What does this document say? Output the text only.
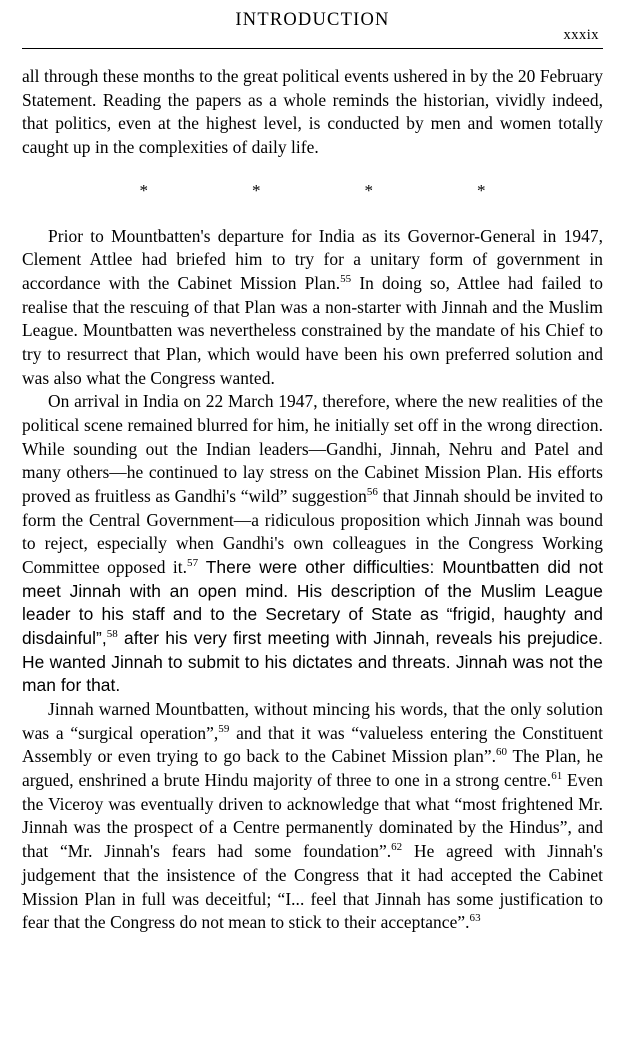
INTRODUCTION
xxxix

all through these months to the great political events ushered in by the 20 February Statement. Reading the papers as a whole reminds the historian, vividly indeed, that politics, even at the highest level, is conducted by men and women totally caught up in the complexities of daily life.

*	*	*	*

Prior to Mountbatten's departure for India as its Governor-General in 1947, Clement Attlee had briefed him to try for a unitary form of government in accordance with the Cabinet Mission Plan.$^{55}$ In doing so, Attlee had failed to realise that the rescuing of that Plan was a non-starter with Jinnah and the Muslim League. Mountbatten was nevertheless constrained by the mandate of his Chief to try to resurrect that Plan, which would have been his own preferred solution and was also what the Congress wanted.

On arrival in India on 22 March 1947, therefore, where the new realities of the political scene remained blurred for him, he initially set off in the wrong direction. While sounding out the Indian leaders—Gandhi, Jinnah, Nehru and Patel and many others—he continued to lay stress on the Cabinet Mission Plan. His efforts proved as fruitless as Gandhi's “wild” suggestion$^{56}$ that Jinnah should be invited to form the Central Government—a ridiculous proposition which Jinnah was bound to reject, especially when Gandhi's own colleagues in the Congress Working Committee opposed it.$^{57}$ There were other difficulties: Mountbatten did not meet Jinnah with an open mind. His description of the Muslim League leader to his staff and to the Secretary of State as “frigid, haughty and disdainful”,$^{58}$ after his very first meeting with Jinnah, reveals his prejudice. He wanted Jinnah to submit to his dictates and threats. Jinnah was not the man for that.

Jinnah warned Mountbatten, without mincing his words, that the only solution was a “surgical operation”,$^{59}$ and that it was “valueless entering the Constituent Assembly or even trying to go back to the Cabinet Mission plan”.$^{60}$ The Plan, he argued, enshrined a brute Hindu majority of three to one in a strong centre.$^{61}$ Even the Viceroy was eventually driven to acknowledge that what “most frightened Mr. Jinnah was the prospect of a Centre permanently dominated by the Hindus”, and that “Mr. Jinnah's fears had some foundation”.$^{62}$ He agreed with Jinnah's judgement that the insistence of the Congress that it had accepted the Cabinet Mission Plan in full was deceitful; “I... feel that Jinnah has some justification to fear that the Congress do not mean to stick to their acceptance”.$^{63}$
